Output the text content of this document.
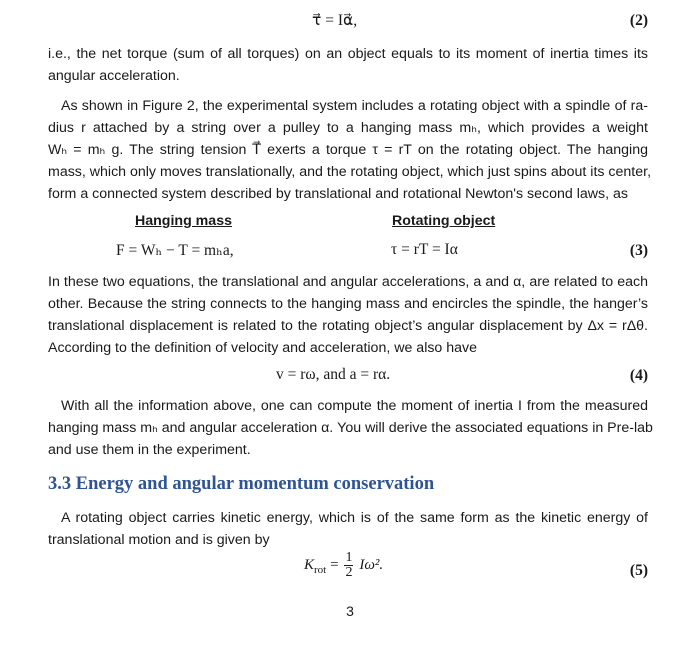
τ⃗ = Iα⃗,	(2)
i.e., the net torque (sum of all torques) on an object equals to its moment of inertia times its
angular acceleration.
As shown in Figure 2, the experimental system includes a rotating object with a spindle of ra-
dius r attached by a string over a pulley to a hanging mass mₕ, which provides a weight
Wₕ = mₕ g. The string tension T⃗ exerts a torque τ = rT on the rotating object. The hanging
mass, which only moves translationally, and the rotating object, which just spins about its center,
form a connected system described by translational and rotational Newton's second laws, as
Hanging mass	Rotating object
F = Wₕ − T = mₕa,	τ = rT = Iα	(3)
In these two equations, the translational and angular accelerations, a and α, are related to each
other. Because the string connects to the hanging mass and encircles the spindle, the hanger’s
translational displacement is related to the rotating object’s angular displacement by Δx = rΔθ.
According to the definition of velocity and acceleration, we also have
v = rω, and a = rα.	(4)
With all the information above, one can compute the moment of inertia I from the measured
hanging mass mₕ and angular acceleration α. You will derive the associated equations in Pre-lab
and use them in the experiment.
3.3 Energy and angular momentum conservation
A rotating object carries kinetic energy, which is of the same form as the kinetic energy of
translational motion and is given by
$K_{rot} = \frac{1}{2} I\omega^2$.	(5)
3
